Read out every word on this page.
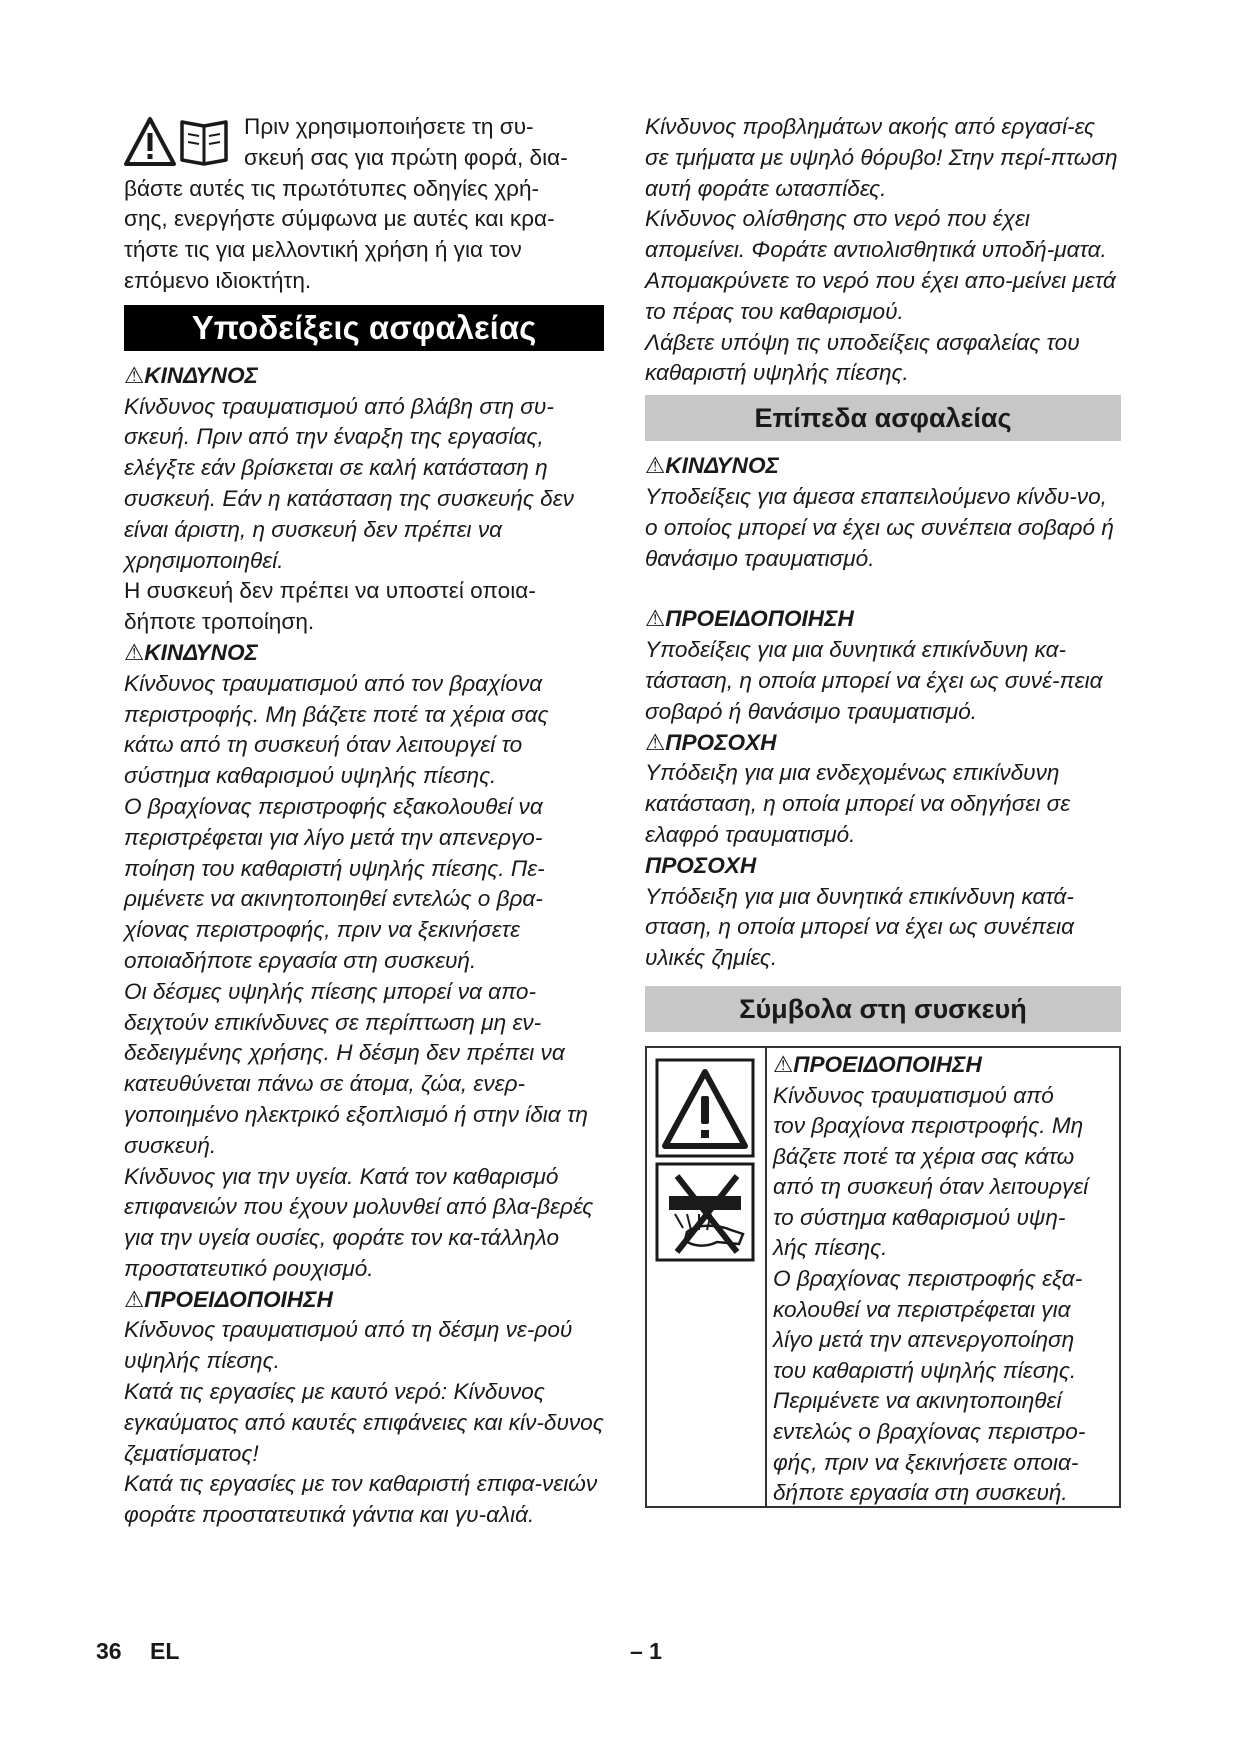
Πριν χρησιμοποιήσετε τη συ-

σκευή σας για πρώτη φορά, δια-

βάστε αυτές τις πρωτότυπες οδηγίες χρή-

σης, ενεργήστε σύμφωνα με αυτές και κρα-

τήστε τις για μελλοντική χρήση ή για τον

επόμενο ιδιοκτήτη.

Υποδείξεις ασφαλείας

⚠ΚΙΝΔΥΝΟΣ

Κίνδυνος τραυματισμού από βλάβη στη συ-σκευή. Πριν από την έναρξη της εργασίας, ελέγξτε εάν βρίσκεται σε καλή κατάσταση η συσκευή. Εάν η κατάσταση της συσκευής δεν είναι άριστη, η συσκευή δεν πρέπει να χρησιμοποιηθεί.

Η συσκευή δεν πρέπει να υποστεί οποια-δήποτε τροποίηση.

⚠ΚΙΝΔΥΝΟΣ

Κίνδυνος τραυματισμού από τον βραχίονα περιστροφής. Μη βάζετε ποτέ τα χέρια σας κάτω από τη συσκευή όταν λειτουργεί το σύστημα καθαρισμού υψηλής πίεσης.

Ο βραχίονας περιστροφής εξακολουθεί να περιστρέφεται για λίγο μετά την απενεργο-ποίηση του καθαριστή υψηλής πίεσης. Πε-ριμένετε να ακινητοποιηθεί εντελώς ο βρα-χίονας περιστροφής, πριν να ξεκινήσετε οποιαδήποτε εργασία στη συσκευή.

Οι δέσμες υψηλής πίεσης μπορεί να απο-δειχτούν επικίνδυνες σε περίπτωση μη εν-δεδειγμένης χρήσης. Η δέσμη δεν πρέπει να κατευθύνεται πάνω σε άτομα, ζώα, ενερ-γοποιημένο ηλεκτρικό εξοπλισμό ή στην ίδια τη συσκευή.

Κίνδυνος για την υγεία. Κατά τον καθαρισμό επιφανειών που έχουν μολυνθεί από βλα-βερές για την υγεία ουσίες, φοράτε τον κα-τάλληλο προστατευτικό ρουχισμό.

⚠ΠΡΟΕΙΔΟΠΟΙΗΣΗ

Κίνδυνος τραυματισμού από τη δέσμη νε-ρού υψηλής πίεσης.

Κατά τις εργασίες με καυτό νερό: Κίνδυνος εγκαύματος από καυτές επιφάνειες και κίν-δυνος ζεματίσματος!

Κατά τις εργασίες με τον καθαριστή επιφα-νειών φοράτε προστατευτικά γάντια και γυ-αλιά.

Κίνδυνος προβλημάτων ακοής από εργασί-ες σε τμήματα με υψηλό θόρυβο! Στην περί-πτωση αυτή φοράτε ωτασπίδες.

Κίνδυνος ολίσθησης στο νερό που έχει απομείνει. Φοράτε αντιολισθητικά υποδή-ματα. Απομακρύνετε το νερό που έχει απο-μείνει μετά το πέρας του καθαρισμού.

Λάβετε υπόψη τις υποδείξεις ασφαλείας του καθαριστή υψηλής πίεσης.

Επίπεδα ασφαλείας

⚠ΚΙΝΔΥΝΟΣ

Υποδείξεις για άμεσα επαπειλούμενο κίνδυ-νο, ο οποίος μπορεί να έχει ως συνέπεια σοβαρό ή θανάσιμο τραυματισμό.

⚠ΠΡΟΕΙΔΟΠΟΙΗΣΗ

Υποδείξεις για μια δυνητικά επικίνδυνη κα-τάσταση, η οποία μπορεί να έχει ως συνέ-πεια σοβαρό ή θανάσιμο τραυματισμό.

⚠ΠΡΟΣΟΧΗ

Υπόδειξη για μια ενδεχομένως επικίνδυνη κατάσταση, η οποία μπορεί να οδηγήσει σε ελαφρό τραυματισμό.

ΠΡΟΣΟΧΗ

Υπόδειξη για μια δυνητικά επικίνδυνη κατά-σταση, η οποία μπορεί να έχει ως συνέπεια υλικές ζημίες.

Σύμβολα στη συσκευή

⚠ΠΡΟΕΙΔΟΠΟΙΗΣΗ

Κίνδυνος τραυματισμού από

τον βραχίονα περιστροφής. Μη

βάζετε ποτέ τα χέρια σας κάτω

από τη συσκευή όταν λειτουργεί

το σύστημα καθαρισμού υψη-

λής πίεσης.

Ο βραχίονας περιστροφής εξα-

κολουθεί να περιστρέφεται για

λίγο μετά την απενεργοποίηση

του καθαριστή υψηλής πίεσης.

Περιμένετε να ακινητοποιηθεί

εντελώς ο βραχίονας περιστρο-

φής, πριν να ξεκινήσετε οποια-

δήποτε εργασία στη συσκευή.

36 EL	– 1
